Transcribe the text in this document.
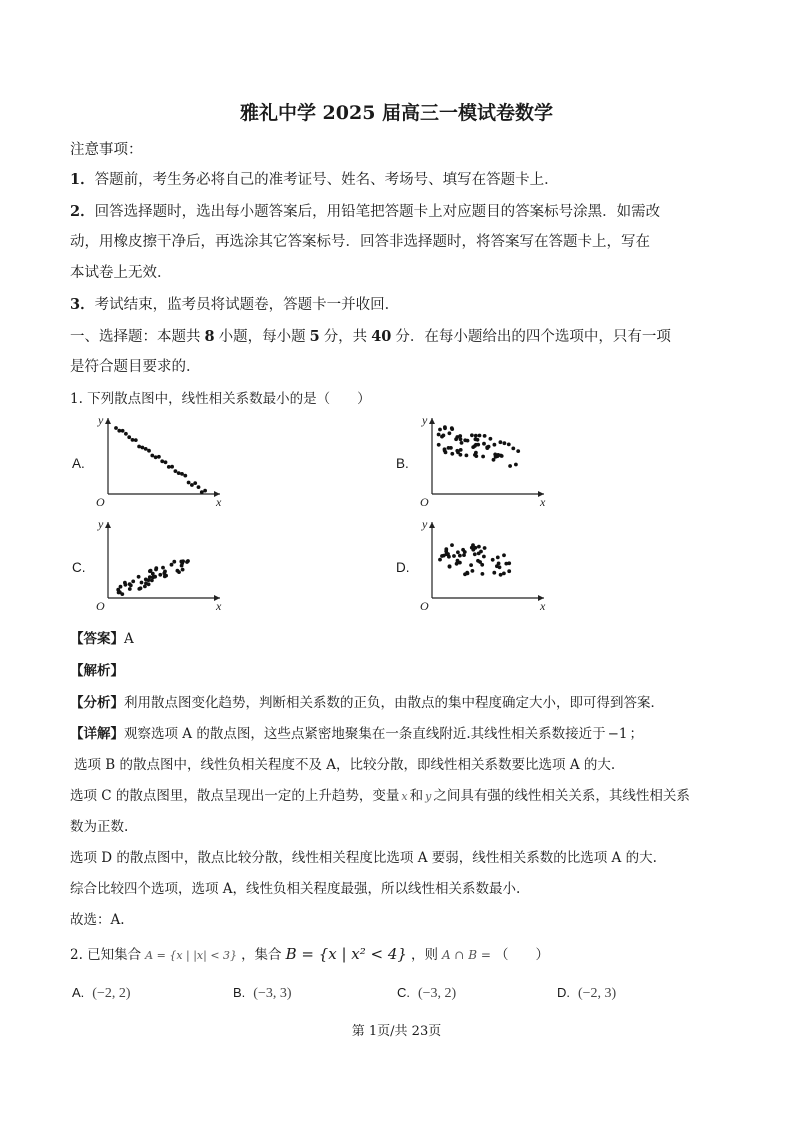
雅礼中学 2025 届高三一模试卷数学
注意事项：
1．答题前，考生务必将自己的准考证号、姓名、考场号、填写在答题卡上．
2．回答选择题时，选出每小题答案后，用铅笔把答题卡上对应题目的答案标号涂黑．如需改
动，用橡皮擦干净后，再选涂其它答案标号．回答非选择题时，将答案写在答题卡上，写在
本试卷上无效．
3．考试结束，监考员将试题卷，答题卡一并收回．
一、选择题：本题共 8 小题，每小题 5 分，共 40 分．在每小题给出的四个选项中，只有一项
是符合题目要求的．
1. 下列散点图中，线性相关系数最小的是（　　）
A.	B.
C.	D.
y
x
O
y
x
O
y
x
O
y
x
O
【答案】A
【解析】
【分析】利用散点图变化趋势，判断相关系数的正负，由散点的集中程度确定大小，即可得到答案．
【详解】观察选项 A 的散点图，这些点紧密地聚集在一条直线附近.其线性相关系数接近于 −1 ；
选项 B 的散点图中，线性负相关程度不及 A，比较分散，即线性相关系数要比选项 A 的大.
选项 C 的散点图里，散点呈现出一定的上升趋势，变量 x 和 y 之间具有强的线性相关关系，其线性相关系
数为正数.
选项 D 的散点图中，散点比较分散，线性相关程度比选项 A 要弱，线性相关系数的比选项 A 的大.
综合比较四个选项，选项 A，线性负相关程度最强，所以线性相关系数最小.
故选：A.
2. 已知集合 A = {x | |x| < 3} ，集合 B = {x | x² < 4} ，则 A ∩ B = （　　）
A. (−2, 2)	B. (−3, 3)	C. (−3, 2)	D. (−2, 3)
第 1页/共 23页
